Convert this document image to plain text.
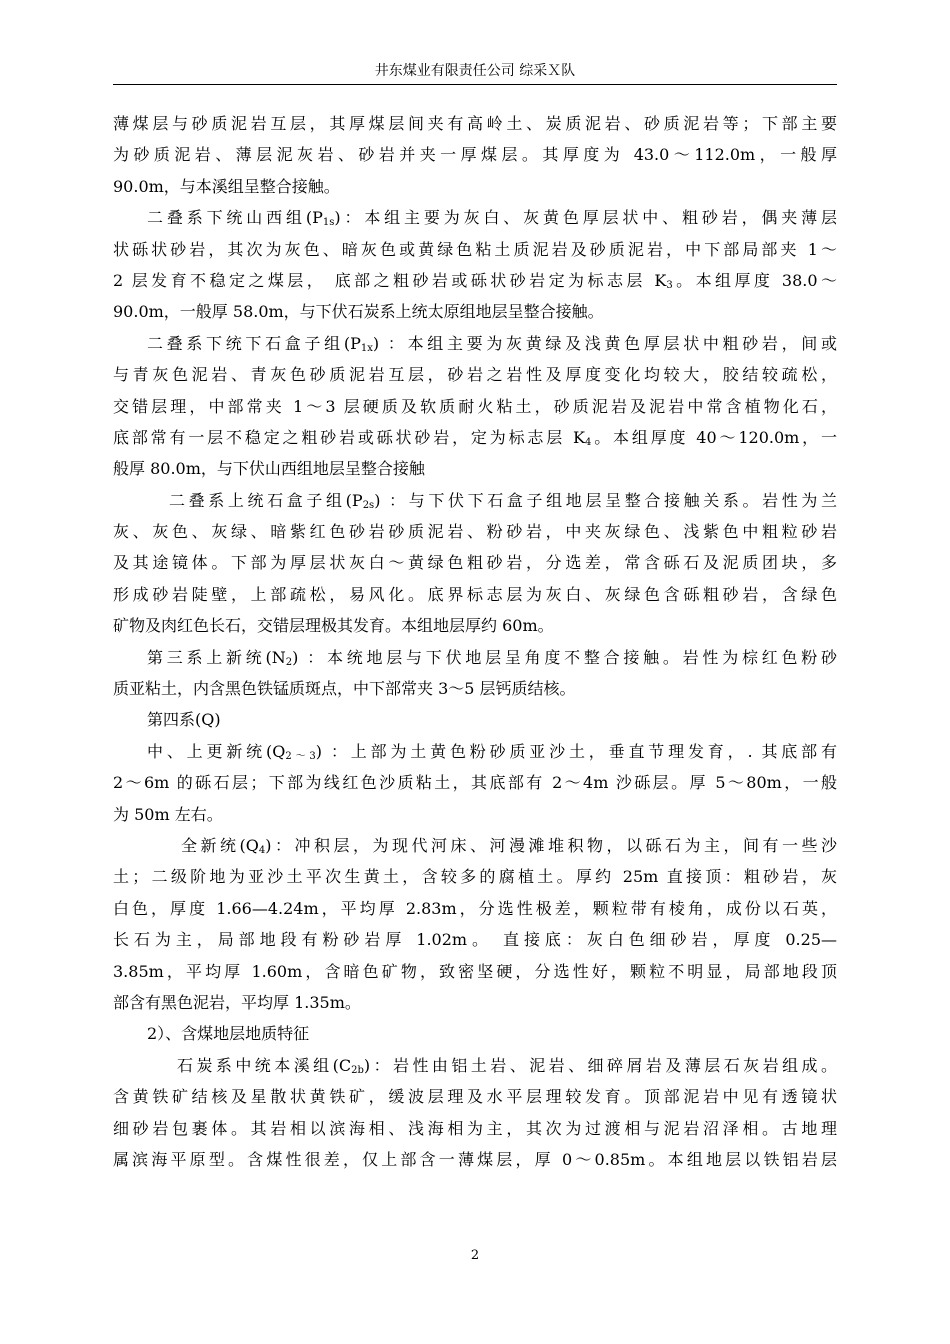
井东煤业有限责任公司 综采Ｘ队
薄煤层与砂质泥岩互层，其厚煤层间夹有高岭土、炭质泥岩、砂质泥岩等；下部主要
为砂质泥岩、薄层泥灰岩、砂岩并夹一厚煤层。其厚度为 43.0～112.0m，一般厚
90.0m，与本溪组呈整合接触。
二叠系下统山西组$(P_{1s})$：本组主要为灰白、灰黄色厚层状中、粗砂岩，偶夹薄层
状砾状砂岩，其次为灰色、暗灰色或黄绿色粘土质泥岩及砂质泥岩，中下部局部夹 1～
2 层发育不稳定之煤层， 底部之粗砂岩或砾状砂岩定为标志层 $K_3$。本组厚度 38.0～
90.0m，一般厚 58.0m，与下伏石炭系上统太原组地层呈整合接触。
二叠系下统下石盒子组$(P_{1x})$ ：本组主要为灰黄绿及浅黄色厚层状中粗砂岩，间或
与青灰色泥岩、青灰色砂质泥岩互层，砂岩之岩性及厚度变化均较大，胶结较疏松，
交错层理，中部常夹 1～3 层硬质及软质耐火粘土，砂质泥岩及泥岩中常含植物化石，
底部常有一层不稳定之粗砂岩或砾状砂岩，定为标志层 $K_4$。本组厚度 40～120.0m，一
般厚 80.0m，与下伏山西组地层呈整合接触
二叠系上统石盒子组$(P_{2s})$ ：与下伏下石盒子组地层呈整合接触关系。岩性为兰
灰、灰色、灰绿、暗紫红色砂岩砂质泥岩、粉砂岩，中夹灰绿色、浅紫色中粗粒砂岩
及其途镜体。下部为厚层状灰白～黄绿色粗砂岩，分选差，常含砾石及泥质团块，多
形成砂岩陡壁，上部疏松，易风化。底界标志层为灰白、灰绿色含砾粗砂岩，含绿色
矿物及肉红色长石，交错层理极其发育。本组地层厚约 60m。
第三系上新统$(N_2)$ ：本统地层与下伏地层呈角度不整合接触。岩性为棕红色粉砂
质亚粘土，内含黑色铁锰质斑点，中下部常夹 3～5 层钙质结核。
第四系(Q)
中、上更新统$(Q_{2\sim 3})$ ：上部为土黄色粉砂质亚沙土，垂直节理发育，. 其底部有
2～6m 的砾石层；下部为线红色沙质粘土，其底部有 2～4m 沙砾层。厚 5～80m，一般
为 50m 左右。
全新统$(Q_4)$：冲积层，为现代河床、河漫滩堆积物，以砾石为主，间有一些沙
土；二级阶地为亚沙土平次生黄土，含较多的腐植土。厚约 25m 直接顶：粗砂岩，灰
白色，厚度 1.66—4.24m，平均厚 2.83m，分选性极差，颗粒带有棱角，成份以石英，
长石为主，局部地段有粉砂岩厚 1.02m。 直接底：灰白色细砂岩，厚度 0.25—
3.85m，平均厚 1.60m，含暗色矿物，致密坚硬，分选性好，颗粒不明显，局部地段顶
部含有黑色泥岩，平均厚 1.35m。
2）、含煤地层地质特征
石炭系中统本溪组$(C_{2b})$：岩性由铝土岩、泥岩、细碎屑岩及薄层石灰岩组成。
含黄铁矿结核及星散状黄铁矿，缓波层理及水平层理较发育。顶部泥岩中见有透镜状
细砂岩包裹体。其岩相以滨海相、浅海相为主，其次为过渡相与泥岩沼泽相。古地理
属滨海平原型。含煤性很差，仅上部含一薄煤层，厚 0～0.85m。本组地层以铁铝岩层
2
